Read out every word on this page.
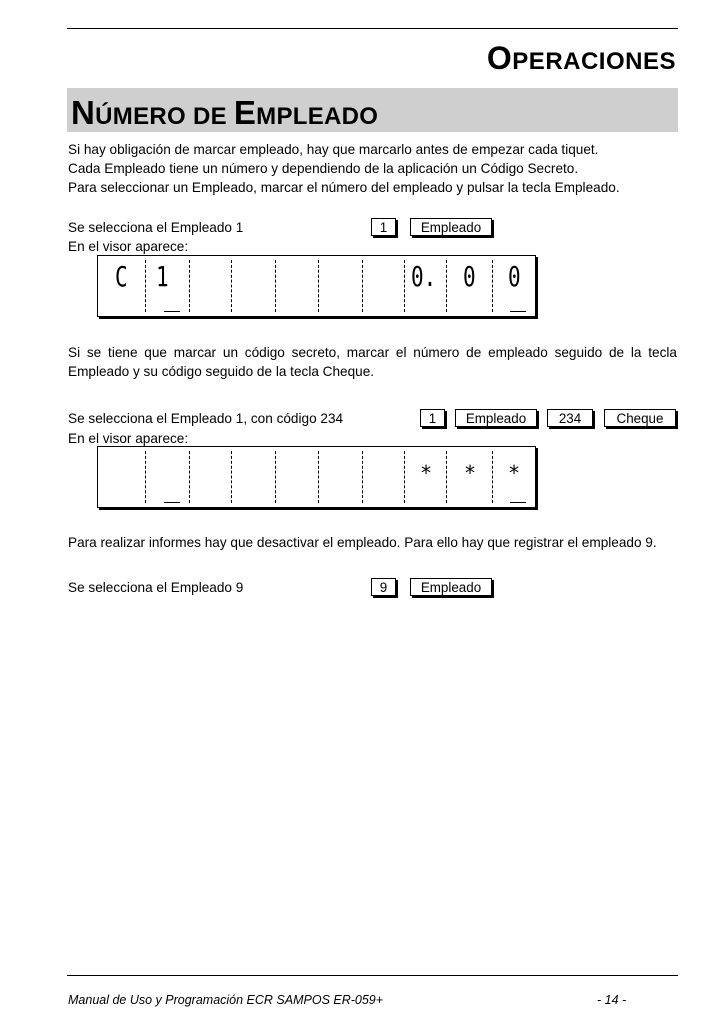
OPERACIONES
NÚMERO DE EMPLEADO
Si hay obligación de marcar empleado, hay que marcarlo antes de empezar cada tiquet.
Cada Empleado tiene un número y dependiendo de la aplicación un Código Secreto.
Para seleccionar un Empleado, marcar el número del empleado y pulsar la tecla Empleado.
Se selecciona el Empleado 1	1	Empleado
En el visor aparece:
C 1	0. 0 0
Si se tiene que marcar un código secreto, marcar el número de empleado seguido de la tecla Empleado y su código seguido de la tecla Cheque.
Se selecciona el Empleado 1, con código 234	1	Empleado	234	Cheque
En el visor aparece:
* * *
Para realizar informes hay que desactivar el empleado. Para ello hay que registrar el empleado 9.
Se selecciona el Empleado 9	9	Empleado
Manual de Uso y Programación ECR SAMPOS ER-059+	- 14 -
